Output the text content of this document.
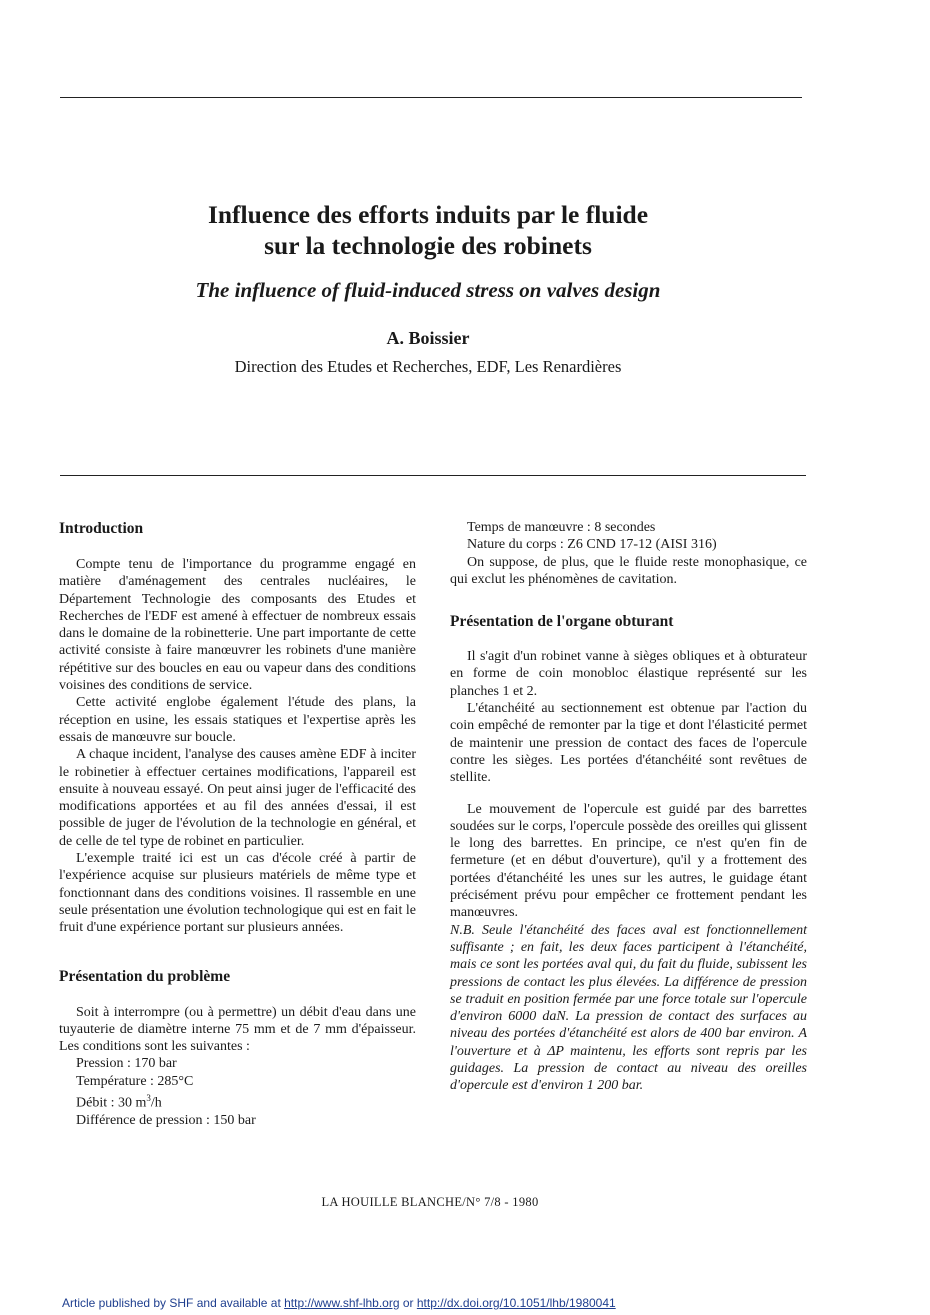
Influence des efforts induits par le fluide
sur la technologie des robinets
The influence of fluid-induced stress on valves design
A. Boissier
Direction des Etudes et Recherches, EDF, Les Renardières
Introduction

Compte tenu de l'importance du programme engagé en matière d'aménagement des centrales nucléaires, le Département Technologie des composants des Etudes et Recherches de l'EDF est amené à effectuer de nombreux essais dans le domaine de la robinetterie. Une part importante de cette activité consiste à faire manœuvrer les robinets d'une manière répétitive sur des boucles en eau ou vapeur dans des conditions voisines des conditions de service.

Cette activité englobe également l'étude des plans, la réception en usine, les essais statiques et l'expertise après les essais de manœuvre sur boucle.

A chaque incident, l'analyse des causes amène EDF à inciter le robinetier à effectuer certaines modifications, l'appareil est ensuite à nouveau essayé. On peut ainsi juger de l'efficacité des modifications apportées et au fil des années d'essai, il est possible de juger de l'évolution de la technologie en général, et de celle de tel type de robinet en particulier.

L'exemple traité ici est un cas d'école créé à partir de l'expérience acquise sur plusieurs matériels de même type et fonctionnant dans des conditions voisines. Il rassemble en une seule présentation une évolution technologique qui est en fait le fruit d'une expérience portant sur plusieurs années.

Présentation du problème

Soit à interrompre (ou à permettre) un débit d'eau dans une tuyauterie de diamètre interne 75 mm et de 7 mm d'épaisseur. Les conditions sont les suivantes :

Pression : 170 bar
Température : 285°C
Débit : 30 $m^3/h$
Différence de pression : 150 bar
Temps de manœuvre : 8 secondes
Nature du corps : Z6 CND 17-12 (AISI 316)

On suppose, de plus, que le fluide reste monophasique, ce qui exclut les phénomènes de cavitation.

Présentation de l'organe obturant

Il s'agit d'un robinet vanne à sièges obliques et à obturateur en forme de coin monobloc élastique représenté sur les planches 1 et 2.

L'étanchéité au sectionnement est obtenue par l'action du coin empêché de remonter par la tige et dont l'élasticité permet de maintenir une pression de contact des faces de l'opercule contre les sièges. Les portées d'étanchéité sont revêtues de stellite.

Le mouvement de l'opercule est guidé par des barrettes soudées sur le corps, l'opercule possède des oreilles qui glissent le long des barrettes. En principe, ce n'est qu'en fin de fermeture (et en début d'ouverture), qu'il y a frottement des portées d'étanchéité les unes sur les autres, le guidage étant précisément prévu pour empêcher ce frottement pendant les manœuvres.

N.B. Seule l'étanchéité des faces aval est fonctionnellement suffisante ; en fait, les deux faces participent à l'étanchéité, mais ce sont les portées aval qui, du fait du fluide, subissent les pressions de contact les plus élevées. La différence de pression se traduit en position fermée par une force totale sur l'opercule d'environ 6000 daN. La pression de contact des surfaces au niveau des portées d'étanchéité est alors de 400 bar environ. A l'ouverture et à ΔP maintenu, les efforts sont repris par les guidages. La pression de contact au niveau des oreilles d'opercule est d'environ 1 200 bar.

LA HOUILLE BLANCHE/N° 7/8 - 1980
Article published by SHF and available at http://www.shf-lhb.org or http://dx.doi.org/10.1051/lhb/1980041
